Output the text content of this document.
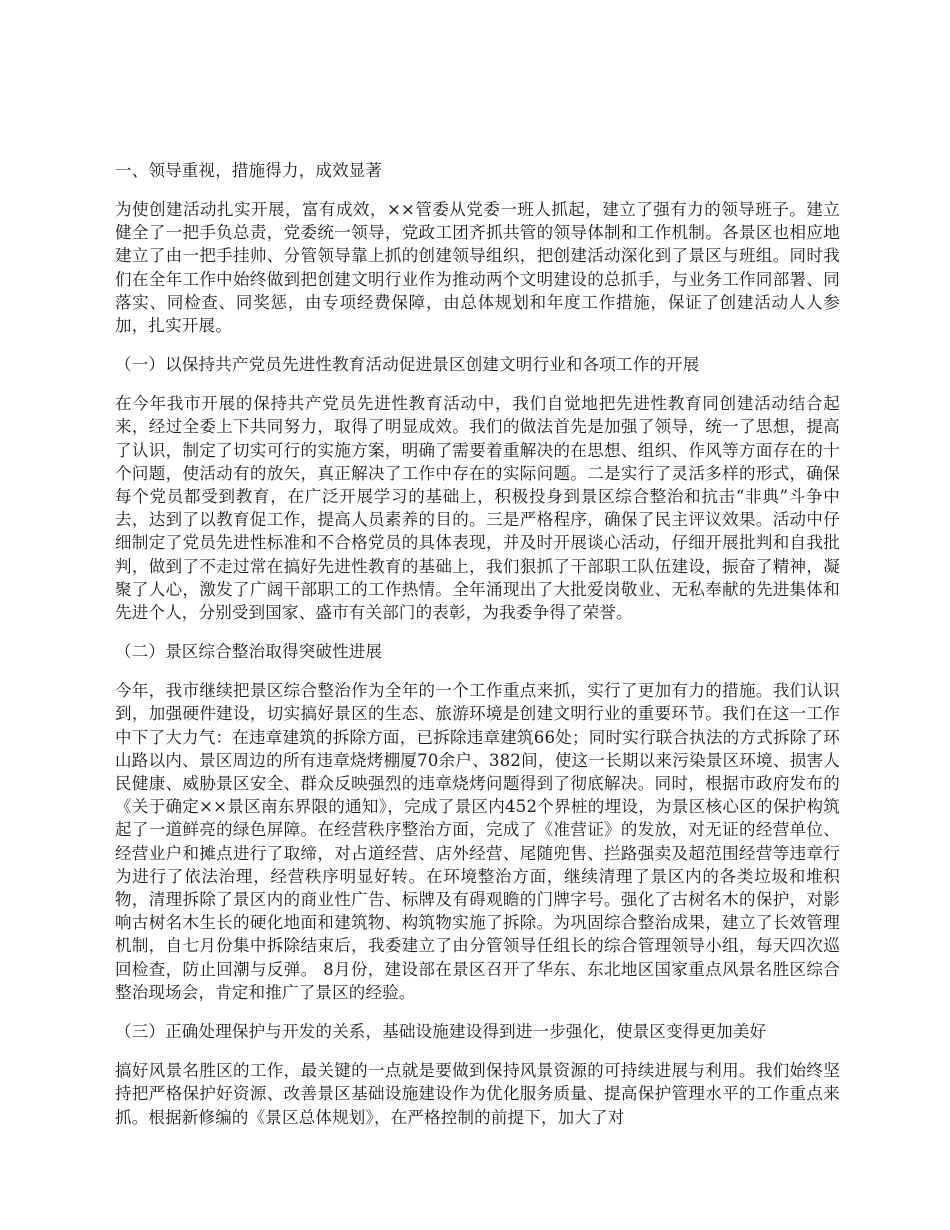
一、领导重视，措施得力，成效显著
为使创建活动扎实开展，富有成效，××管委从党委一班人抓起，建立了强有力的领导班子。建立健全了一把手负总责，党委统一领导，党政工团齐抓共管的领导体制和工作机制。各景区也相应地建立了由一把手挂帅、分管领导靠上抓的创建领导组织，把创建活动深化到了景区与班组。同时我们在全年工作中始终做到把创建文明行业作为推动两个文明建设的总抓手，与业务工作同部署、同落实、同检查、同奖惩，由专项经费保障，由总体规划和年度工作措施，保证了创建活动人人参加，扎实开展。
（一）以保持共产党员先进性教育活动促进景区创建文明行业和各项工作的开展
在今年我市开展的保持共产党员先进性教育活动中，我们自觉地把先进性教育同创建活动结合起来，经过全委上下共同努力，取得了明显成效。我们的做法首先是加强了领导，统一了思想，提高了认识，制定了切实可行的实施方案，明确了需要着重解决的在思想、组织、作风等方面存在的十个问题，使活动有的放矢，真正解决了工作中存在的实际问题。二是实行了灵活多样的形式，确保每个党员都受到教育，在广泛开展学习的基础上，积极投身到景区综合整治和抗击“非典”斗争中去，达到了以教育促工作，提高人员素养的目的。三是严格程序，确保了民主评议效果。活动中仔细制定了党员先进性标准和不合格党员的具体表现，并及时开展谈心活动，仔细开展批判和自我批判，做到了不走过常在搞好先进性教育的基础上，我们狠抓了干部职工队伍建设，振奋了精神，凝聚了人心，激发了广阔干部职工的工作热情。全年涌现出了大批爱岗敬业、无私奉献的先进集体和先进个人，分别受到国家、盛市有关部门的表彰，为我委争得了荣誉。
（二）景区综合整治取得突破性进展
今年，我市继续把景区综合整治作为全年的一个工作重点来抓，实行了更加有力的措施。我们认识到，加强硬件建设，切实搞好景区的生态、旅游环境是创建文明行业的重要环节。我们在这一工作中下了大力气：在违章建筑的拆除方面，已拆除违章建筑66处；同时实行联合执法的方式拆除了环山路以内、景区周边的所有违章烧烤棚厦70余户、382间，使这一长期以来污染景区环境、损害人民健康、威胁景区安全、群众反映强烈的违章烧烤问题得到了彻底解决。同时，根据市政府发布的《关于确定××景区南东界限的通知》，完成了景区内452个界桩的埋设，为景区核心区的保护构筑起了一道鲜亮的绿色屏障。在经营秩序整治方面，完成了《准营证》的发放，对无证的经营单位、经营业户和摊点进行了取缔，对占道经营、店外经营、尾随兜售、拦路强卖及超范围经营等违章行为进行了依法治理，经营秩序明显好转。在环境整治方面，继续清理了景区内的各类垃圾和堆积物，清理拆除了景区内的商业性广告、标牌及有碍观瞻的门牌字号。强化了古树名木的保护，对影响古树名木生长的硬化地面和建筑物、构筑物实施了拆除。为巩固综合整治成果，建立了长效管理机制，自七月份集中拆除结束后，我委建立了由分管领导任组长的综合管理领导小组，每天四次巡回检查，防止回潮与反弹。 8月份，建设部在景区召开了华东、东北地区国家重点风景名胜区综合整治现场会，肯定和推广了景区的经验。
（三）正确处理保护与开发的关系，基础设施建设得到进一步强化，使景区变得更加美好
搞好风景名胜区的工作，最关键的一点就是要做到保持风景资源的可持续进展与利用。我们始终坚持把严格保护好资源、改善景区基础设施建设作为优化服务质量、提高保护管理水平的工作重点来抓。根据新修编的《景区总体规划》，在严格控制的前提下，加大了对
